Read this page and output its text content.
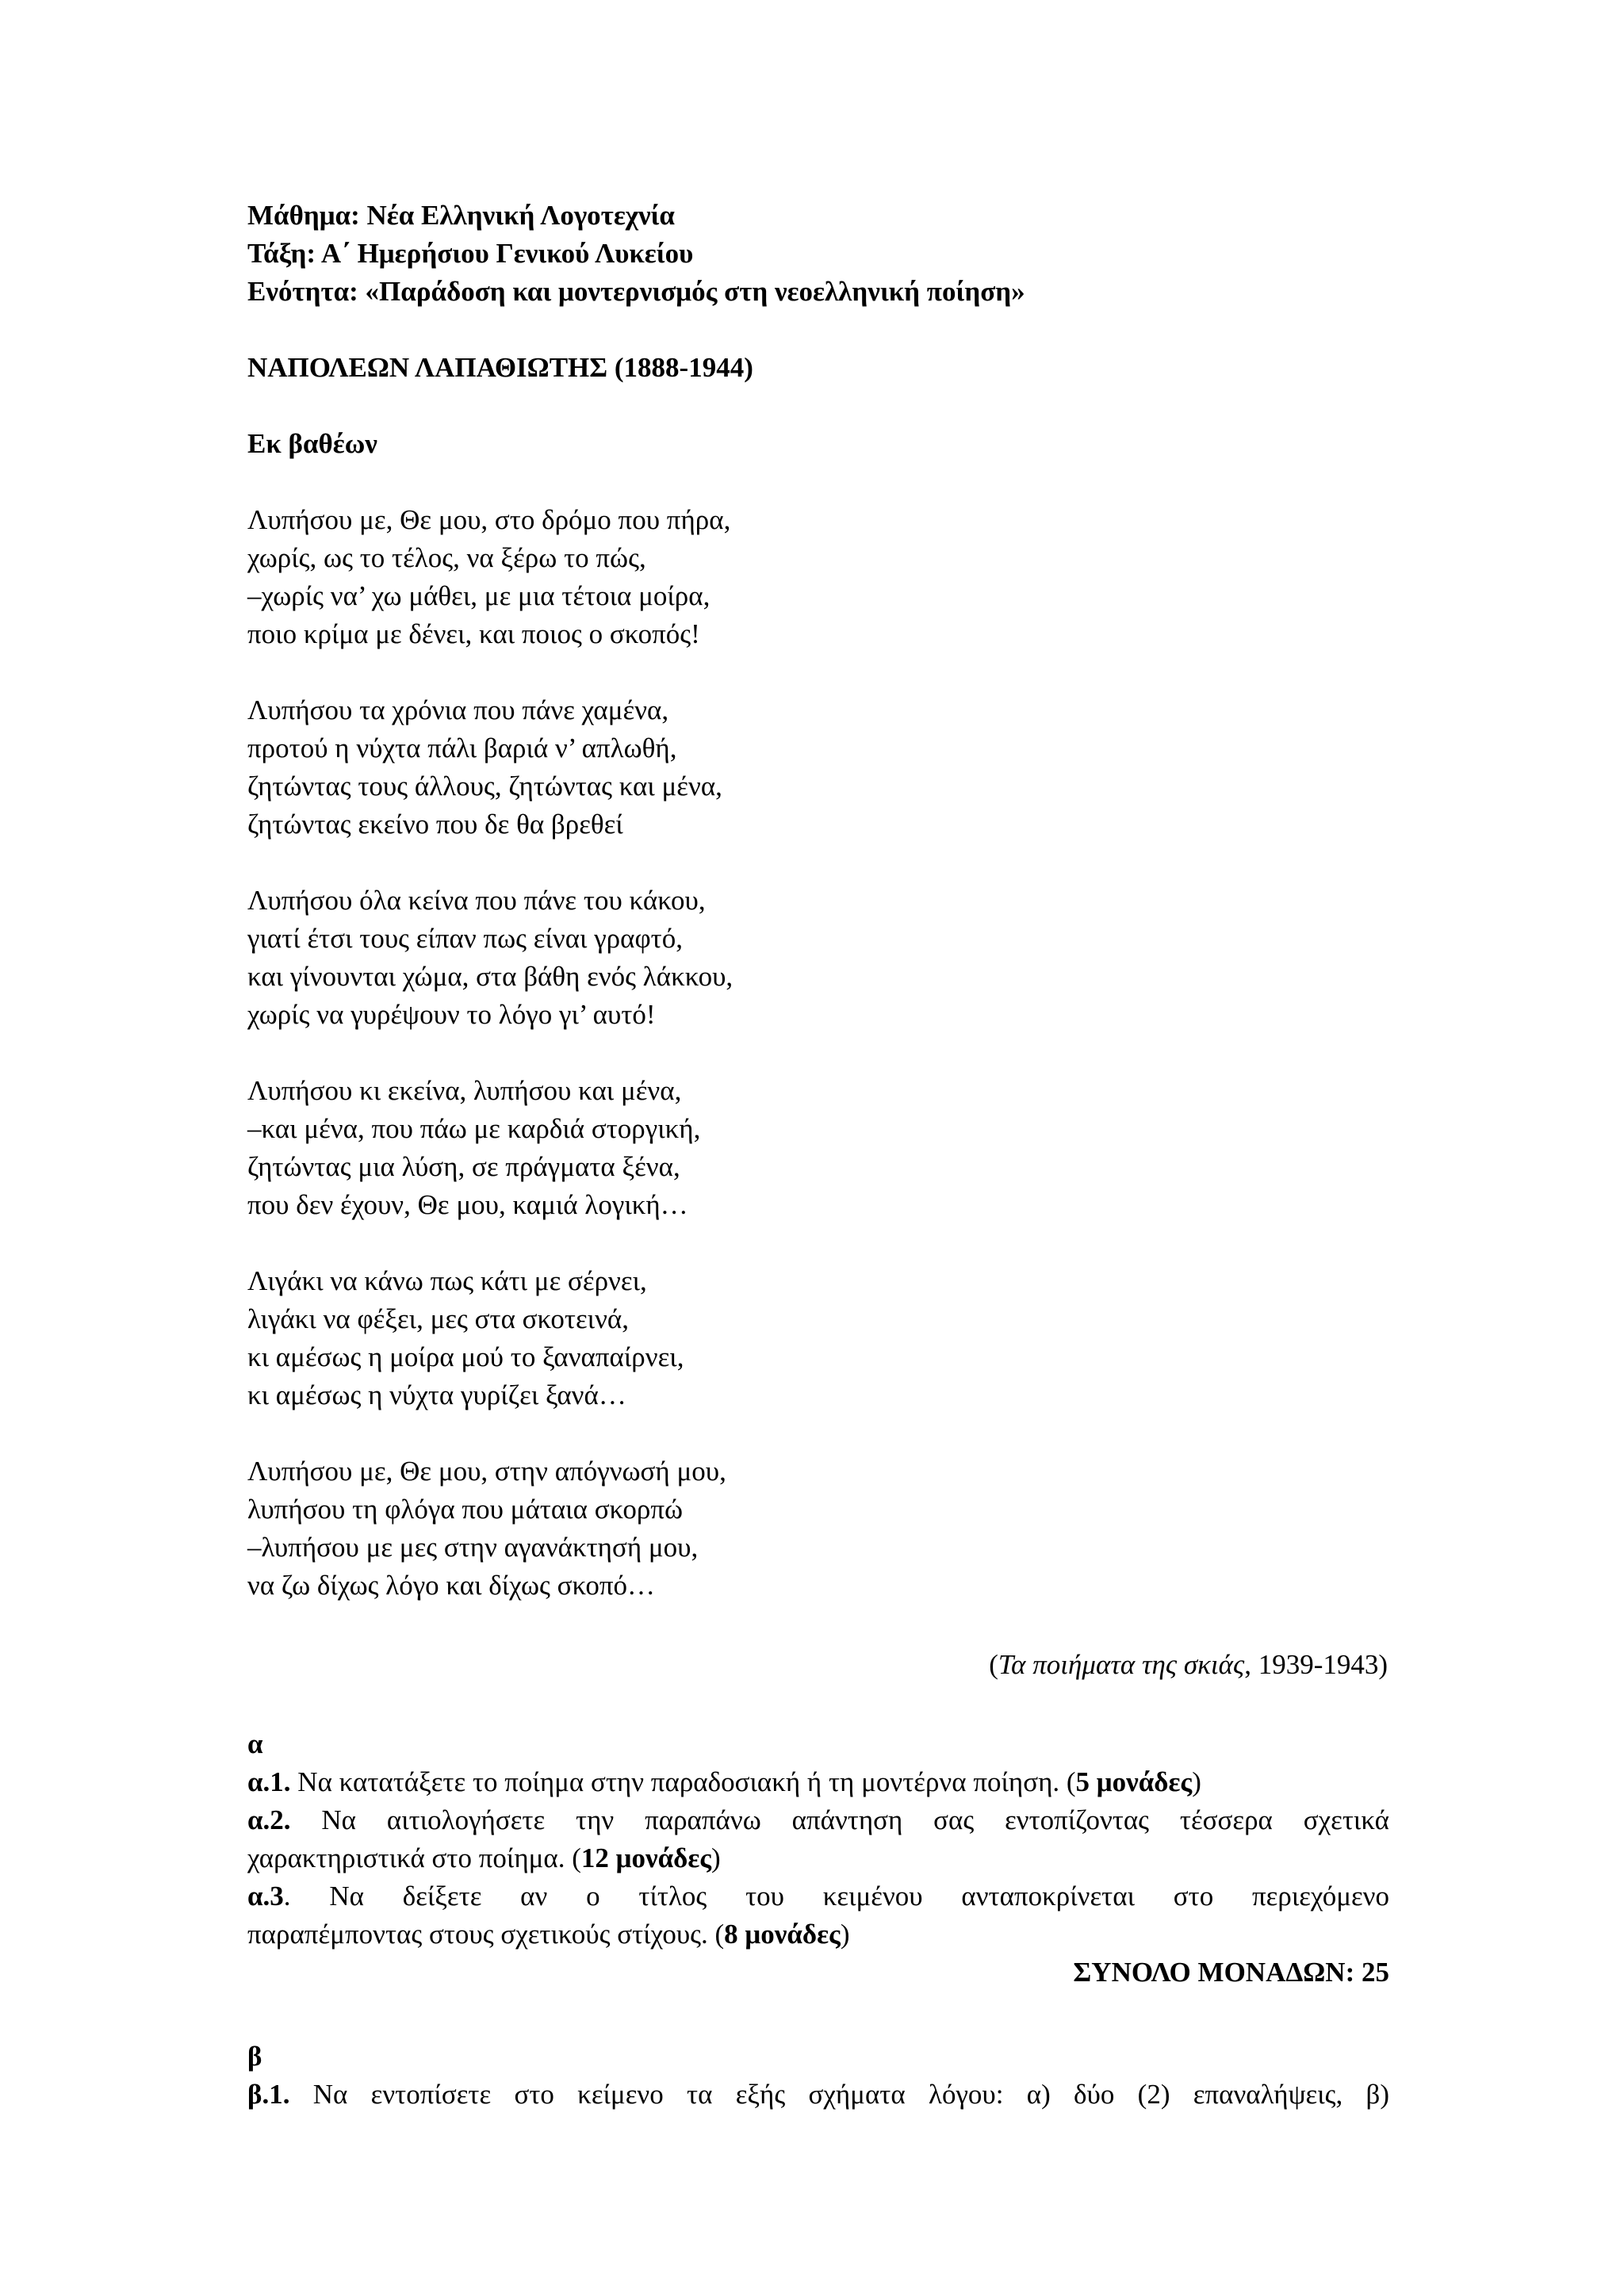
Μάθημα: Νέα Ελληνική Λογοτεχνία
Τάξη: Α΄ Ημερήσιου Γενικού Λυκείου
Ενότητα: «Παράδοση και μοντερνισμός στη νεοελληνική ποίηση»
ΝΑΠΟΛΕΩΝ ΛΑΠΑΘΙΩΤΗΣ (1888-1944)
Εκ βαθέων
Λυπήσου με, Θε μου, στο δρόμο που πήρα,
χωρίς, ως το τέλος, να ξέρω το πώς,
–χωρίς να’ χω μάθει, με μια τέτοια μοίρα,
ποιο κρίμα με δένει, και ποιος ο σκοπός!
Λυπήσου τα χρόνια που πάνε χαμένα,
προτού η νύχτα πάλι βαριά ν’ απλωθή,
ζητώντας τους άλλους, ζητώντας και μένα,
ζητώντας εκείνο που δε θα βρεθεί
Λυπήσου όλα κείνα που πάνε του κάκου,
γιατί έτσι τους είπαν πως είναι γραφτό,
και γίνουνται χώμα, στα βάθη ενός λάκκου,
χωρίς να γυρέψουν το λόγο γι’ αυτό!
Λυπήσου κι εκείνα, λυπήσου και μένα,
–και μένα, που πάω με καρδιά στοργική,
ζητώντας μια λύση, σε πράγματα ξένα,
που δεν έχουν, Θε μου, καμιά λογική…
Λιγάκι να κάνω πως κάτι με σέρνει,
λιγάκι να φέξει, μες στα σκοτεινά,
κι αμέσως η μοίρα μού το ξαναπαίρνει,
κι αμέσως η νύχτα γυρίζει ξανά…
Λυπήσου με, Θε μου, στην απόγνωσή μου,
λυπήσου τη φλόγα που μάταια σκορπώ
–λυπήσου με μες στην αγανάκτησή μου,
να ζω δίχως λόγο και δίχως σκοπό…
(Τα ποιήματα της σκιάς, 1939-1943)
α
α.1. Να κατατάξετε το ποίημα στην παραδοσιακή ή τη μοντέρνα ποίηση. (5 μονάδες)
α.2. Να αιτιολογήσετε την παραπάνω απάντηση σας εντοπίζοντας τέσσερα σχετικά
χαρακτηριστικά στο ποίημα. (12 μονάδες)
α.3. Να δείξετε αν ο τίτλος του κειμένου ανταποκρίνεται στο περιεχόμενο
παραπέμποντας στους σχετικούς στίχους. (8 μονάδες)
ΣΥΝΟΛΟ ΜΟΝΑΔΩΝ: 25
β
β.1. Να εντοπίσετε στο κείμενο τα εξής σχήματα λόγου: α) δύο (2) επαναλήψεις, β)
